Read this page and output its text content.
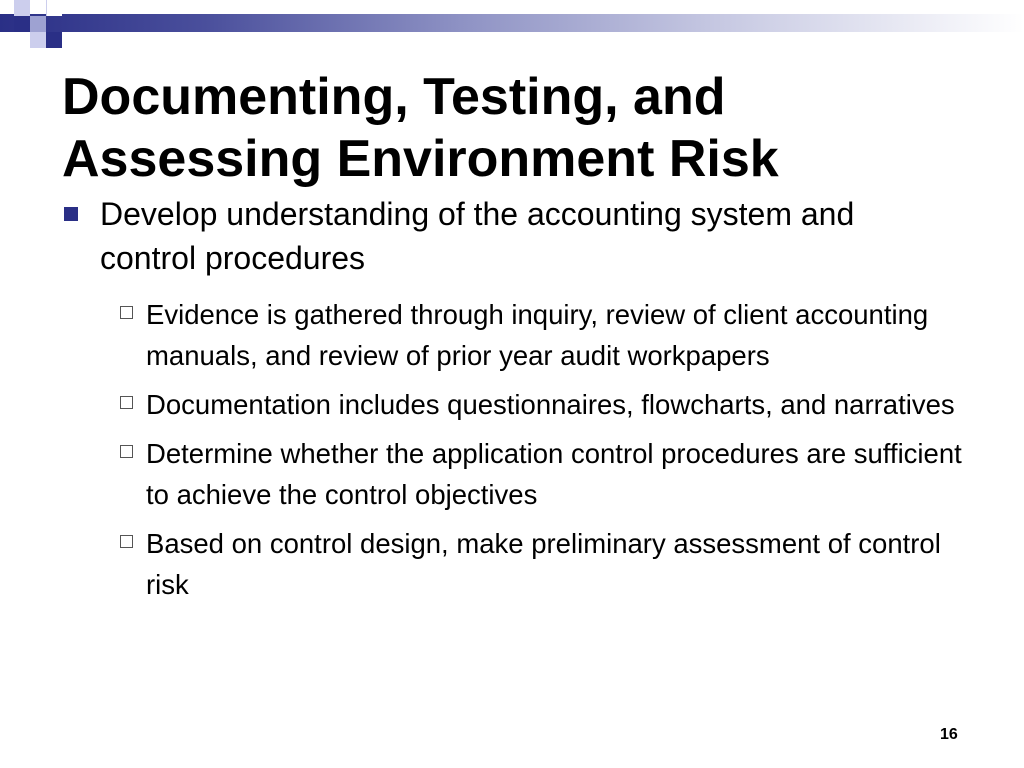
Documenting, Testing, and Assessing Environment Risk
Develop understanding of the accounting system and control procedures
Evidence is gathered through inquiry, review of client accounting manuals, and review of prior year audit workpapers
Documentation includes questionnaires, flowcharts, and narratives
Determine whether the application control procedures are sufficient to achieve the control objectives
Based on control design, make preliminary assessment of control risk
16
